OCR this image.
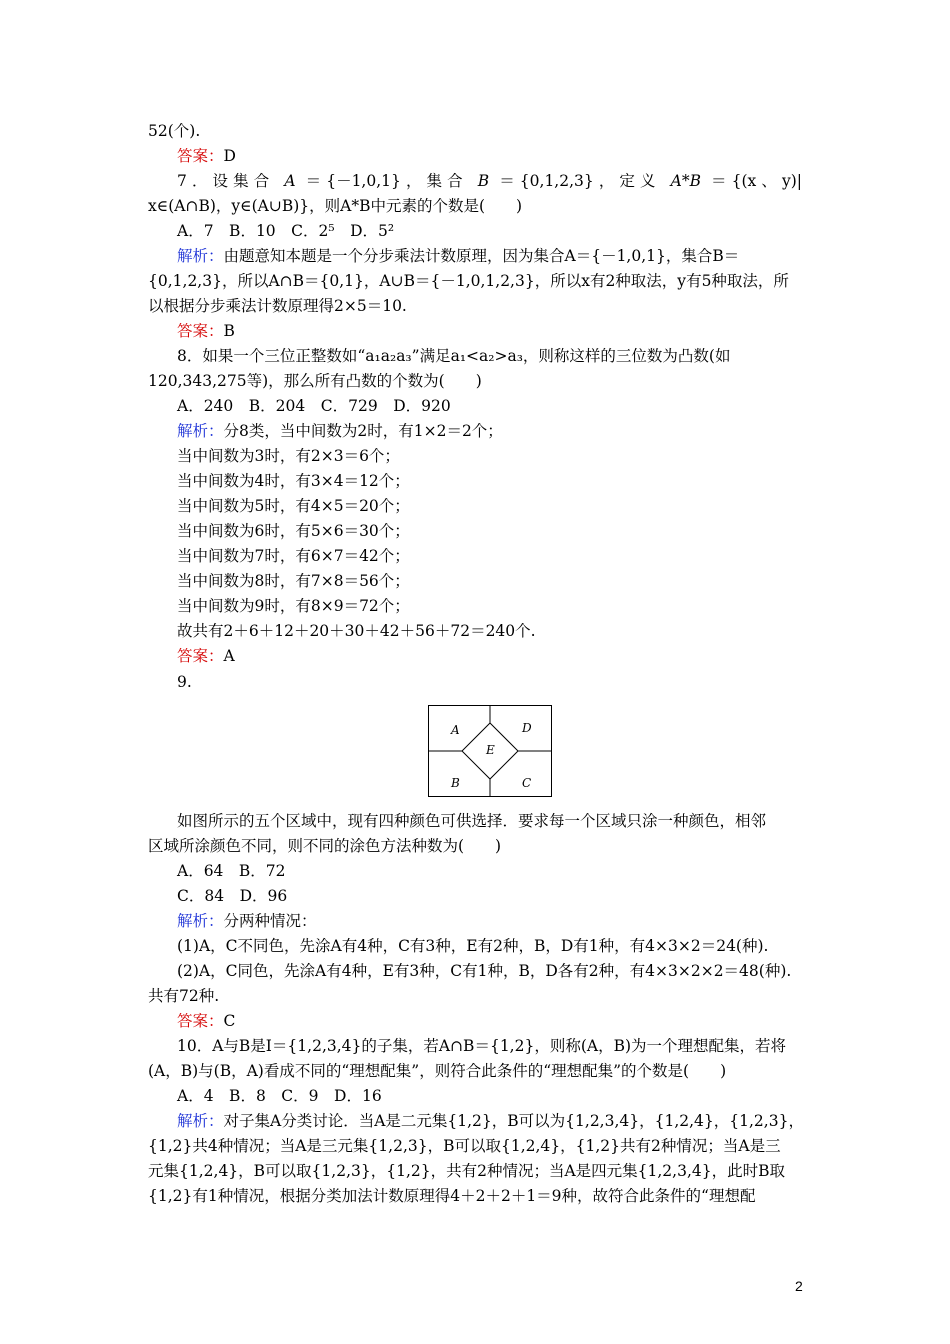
52(个).
答案：D
7．设集合 A ＝{－1,0,1}，集合 B ＝{0,1,2,3}，定义 A*B ＝{(x、y)|
x∈(A∩B)，y∈(A∪B)}，则A*B中元素的个数是(　　)
A．7　B．10　C．2⁵　D．5²
解析：由题意知本题是一个分步乘法计数原理，因为集合A＝{－1,0,1}，集合B＝
{0,1,2,3}，所以A∩B＝{0,1}，A∪B＝{－1,0,1,2,3}，所以x有2种取法，y有5种取法，所
以根据分步乘法计数原理得2×5＝10.
答案：B
8．如果一个三位正整数如“a₁a₂a₃”满足a₁<a₂>a₃，则称这样的三位数为凸数(如
120,343,275等)，那么所有凸数的个数为(　　)
A．240　B．204　C．729　D．920
解析：分8类，当中间数为2时，有1×2＝2个；
当中间数为3时，有2×3＝6个；
当中间数为4时，有3×4＝12个；
当中间数为5时，有4×5＝20个；
当中间数为6时，有5×6＝30个；
当中间数为7时，有6×7＝42个；
当中间数为8时，有7×8＝56个；
当中间数为9时，有8×9＝72个；
故共有2＋6＋12＋20＋30＋42＋56＋72＝240个.
答案：A
9.
A	D
E
B	C
如图所示的五个区域中，现有四种颜色可供选择．要求每一个区域只涂一种颜色，相邻
区域所涂颜色不同，则不同的涂色方法种数为(　　)
A．64　B．72
C．84　D．96
解析：分两种情况：
(1)A，C不同色，先涂A有4种，C有3种，E有2种，B，D有1种，有4×3×2＝24(种).
(2)A，C同色，先涂A有4种，E有3种，C有1种，B，D各有2种，有4×3×2×2＝48(种).
共有72种.
答案：C
10．A与B是I＝{1,2,3,4}的子集，若A∩B＝{1,2}，则称(A，B)为一个理想配集，若将
(A，B)与(B，A)看成不同的“理想配集”，则符合此条件的“理想配集”的个数是(　　)
A．4　B．8　C．9　D．16
解析：对子集A分类讨论．当A是二元集{1,2}，B可以为{1,2,3,4}，{1,2,4}，{1,2,3}，
{1,2}共4种情况；当A是三元集{1,2,3}，B可以取{1,2,4}，{1,2}共有2种情况；当A是三
元集{1,2,4}，B可以取{1,2,3}，{1,2}，共有2种情况；当A是四元集{1,2,3,4}，此时B取
{1,2}有1种情况，根据分类加法计数原理得4＋2＋2＋1＝9种，故符合此条件的“理想配
2
